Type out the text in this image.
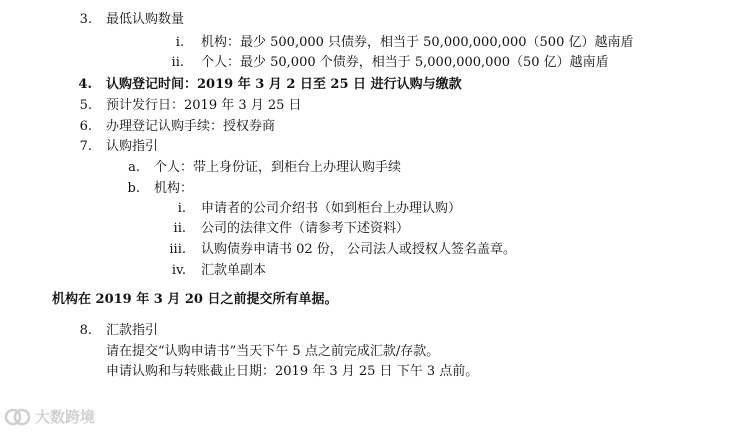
3. 最低认购数量
i. 机构：最少 500,000 只债券，相当于 50,000,000,000（500 亿）越南盾
ii. 个人：最少 50,000 个债券，相当于 5,000,000,000（50 亿）越南盾
4. 认购登记时间：2019 年 3 月 2 日至 25 日 进行认购与缴款
5. 预计发行日：2019 年 3 月 25 日
6. 办理登记认购手续：授权券商
7. 认购指引
a. 个人：带上身份证，到柜台上办理认购手续
b. 机构：
i. 申请者的公司介绍书（如到柜台上办理认购）
ii. 公司的法律文件（请参考下述资料）
iii. 认购债券申请书 02 份， 公司法人或授权人签名盖章。
iv. 汇款单副本
机构在 2019 年 3 月 20 日之前提交所有单据。
8. 汇款指引
请在提交“认购申请书”当天下午 5 点之前完成汇款/存款。
申请认购和与转账截止日期：2019 年 3 月 25 日 下午 3 点前。
大数跨境
